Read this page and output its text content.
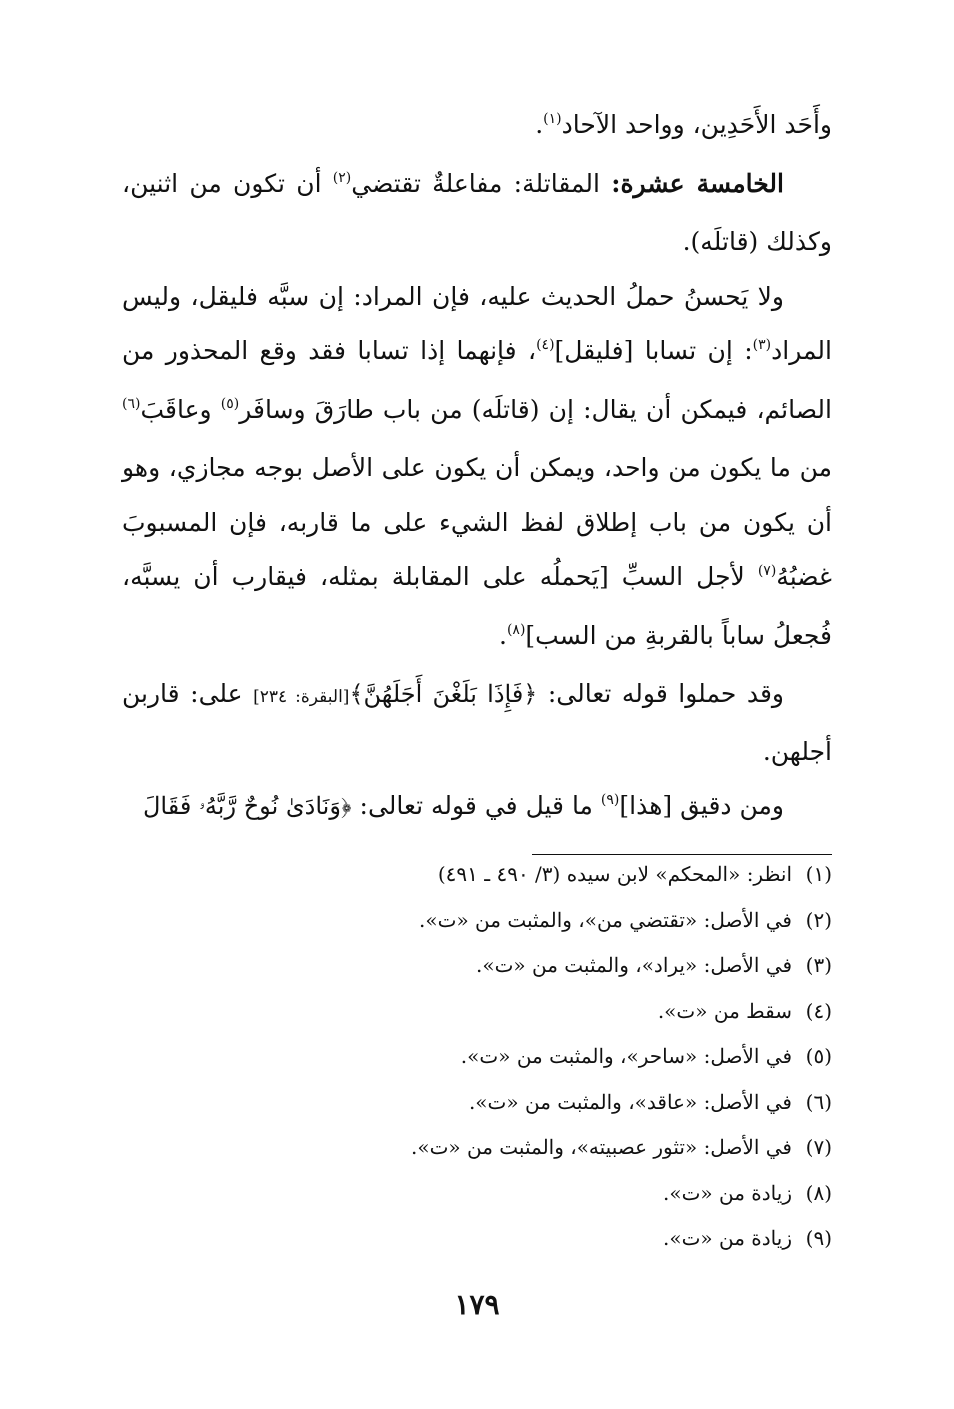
وأَحَد الأَحَدِين، وواحد الآحاد$^{(١)}$.

الخامسة عشرة: المقاتلة: مفاعلةٌ تقتضي$^{(٢)}$ أن تكون من اثنين، وكذلك (قاتلَه).

ولا يَحسنُ حملُ الحديث عليه، فإن المراد: إن سبَّه فليقل، وليس المراد$^{(٣)}$: إن تسابا [فليقل]$^{(٤)}$، فإنهما إذا تسابا فقد وقع المحذور من الصائم، فيمكن أن يقال: إن (قاتلَه) من باب طارَقَ وسافَر$^{(٥)}$ وعاقَبَ$^{(٦)}$ من ما يكون من واحد، ويمكن أن يكون على الأصل بوجه مجازي، وهو أن يكون من باب إطلاق لفظ الشيء على ما قاربه، فإن المسبوبَ غضبُهُ$^{(٧)}$ لأجل السبِّ [يَحملُه على المقابلة بمثله، فيقارب أن يسبَّه، فُجعلُ ساباً بالقربةِ من السب]$^{(٨)}$.

وقد حملوا قوله تعالى: ﴿فَإِذَا بَلَغْنَ أَجَلَهُنَّ﴾[البقرة: ٢٣٤] على: قاربن أجلهن.

ومن دقيق [هذا]$^{(٩)}$ ما قيل في قوله تعالى: ﴿وَنَادَىٰ نُوحٌ رَّبَّهُۥ فَقَالَ

(١)
انظر: «المحكم» لابن سيده (٣/ ٤٩٠ ـ ٤٩١)
(٢)
في الأصل: «تقتضي من»، والمثبت من «ت».
(٣)
في الأصل: «يراد»، والمثبت من «ت».
(٤)
سقط من «ت».
(٥)
في الأصل: «ساحر»، والمثبت من «ت».
(٦)
في الأصل: «عاقد»، والمثبت من «ت».
(٧)
في الأصل: «تثور عصبيته»، والمثبت من «ت».
(٨)
زيادة من «ت».
(٩)
زيادة من «ت».
١٧٩
